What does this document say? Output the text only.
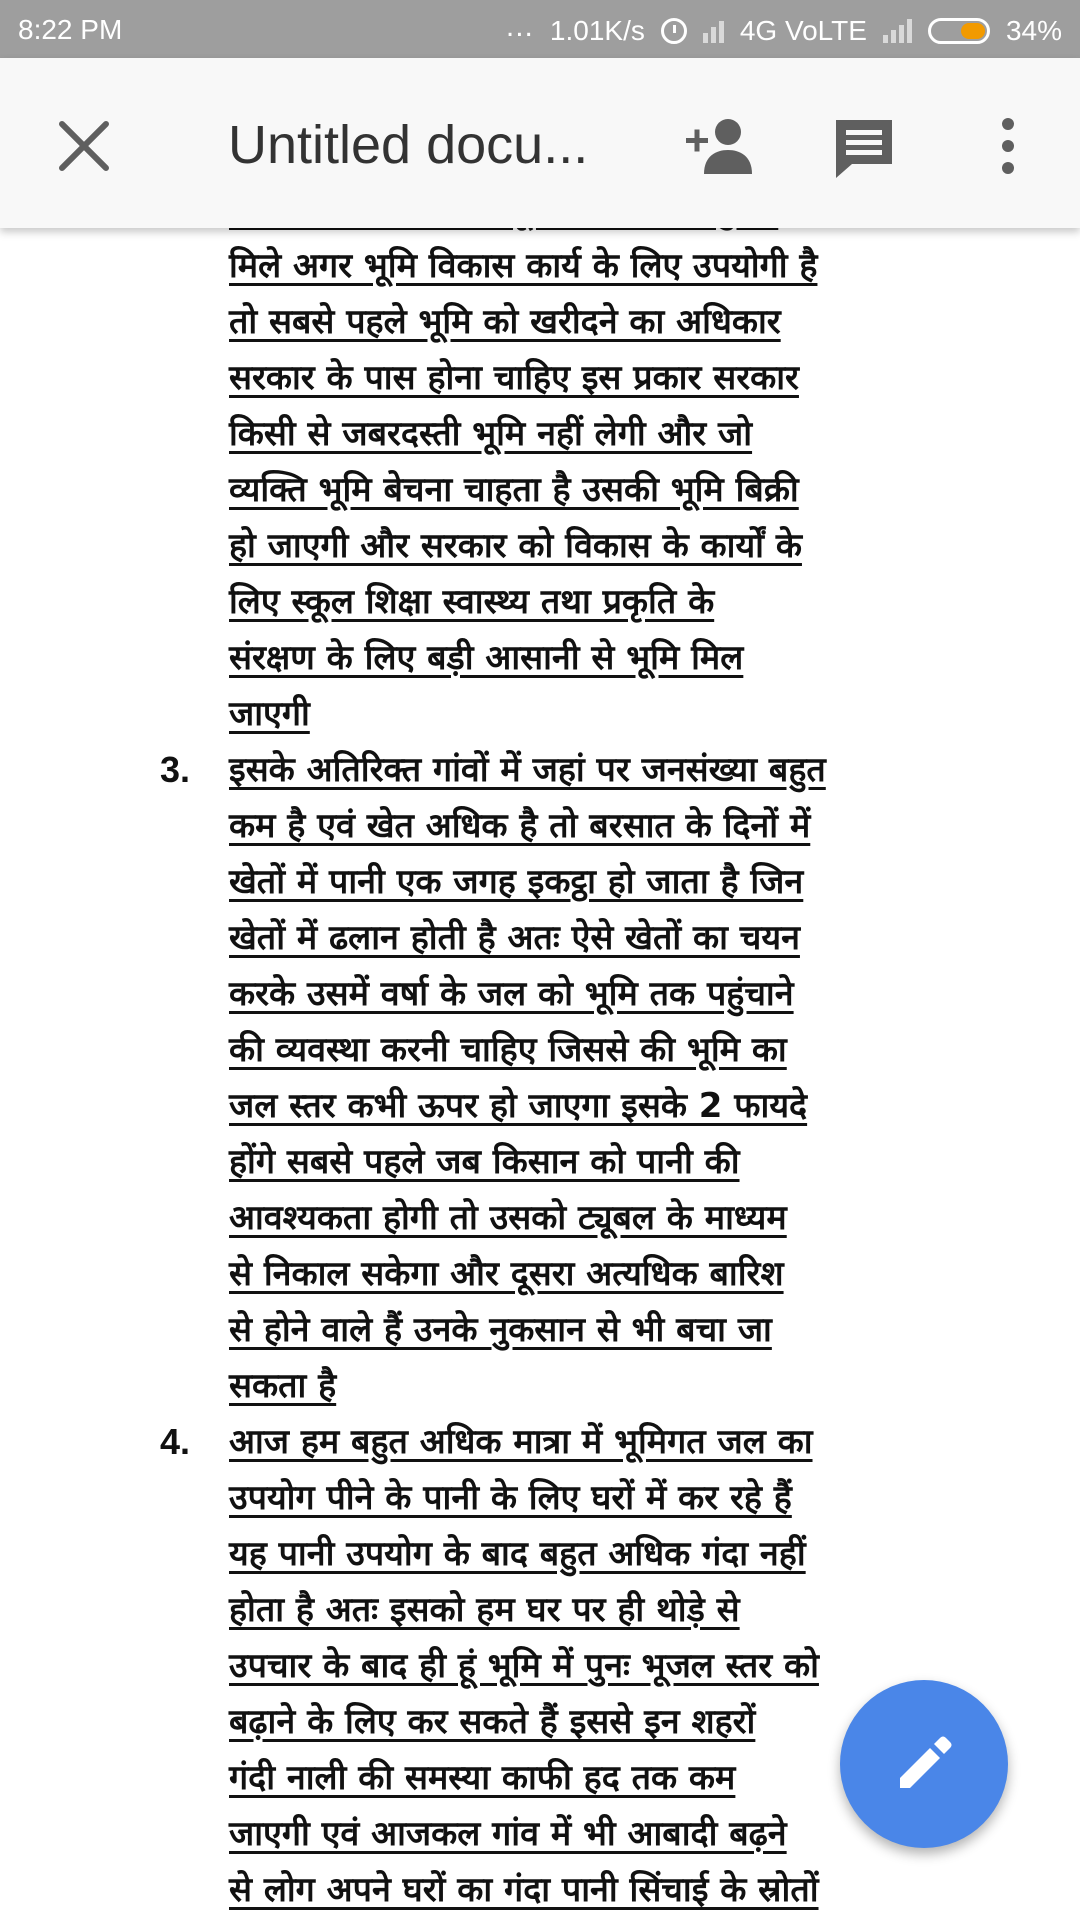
8:22 PM	... 1.01K/s	4G VoLTE	34%
Untitled docu...
मिले अगर भूमि विकास कार्य के लिए उपयोगी है
तो सबसे पहले भूमि को खरीदने का अधिकार
सरकार के पास होना चाहिए इस प्रकार सरकार
किसी से जबरदस्ती भूमि नहीं लेगी और जो
व्यक्ति भूमि बेचना चाहता है उसकी भूमि बिक्री
हो जाएगी और सरकार को विकास के कार्यों के
लिए स्कूल शिक्षा स्वास्थ्य तथा प्रकृति के
संरक्षण के लिए बड़ी आसानी से भूमि मिल
जाएगी
3. इसके अतिरिक्त गांवों में जहां पर जनसंख्या बहुत
कम है एवं खेत अधिक है तो बरसात के दिनों में
खेतों में पानी एक जगह इकट्ठा हो जाता है जिन
खेतों में ढलान होती है अतः ऐसे खेतों का चयन
करके उसमें वर्षा के जल को भूमि तक पहुंचाने
की व्यवस्था करनी चाहिए जिससे की भूमि का
जल स्तर कभी ऊपर हो जाएगा इसके 2 फायदे
होंगे सबसे पहले जब किसान को पानी की
आवश्यकता होगी तो उसको ट्यूबल के माध्यम
से निकाल सकेगा और दूसरा अत्यधिक बारिश
से होने वाले हैं उनके नुकसान से भी बचा जा
सकता है
4. आज हम बहुत अधिक मात्रा में भूमिगत जल का
उपयोग पीने के पानी के लिए घरों में कर रहे हैं
यह पानी उपयोग के बाद बहुत अधिक गंदा नहीं
होता है अतः इसको हम घर पर ही थोड़े से
उपचार के बाद ही हूं भूमि में पुनः भूजल स्तर को
बढ़ाने के लिए कर सकते हैं इससे इन शहरों
गंदी नाली की समस्या काफी हद तक कम
जाएगी एवं आजकल गांव में भी आबादी बढ़ने
से लोग अपने घरों का गंदा पानी सिंचाई के स्रोतों
